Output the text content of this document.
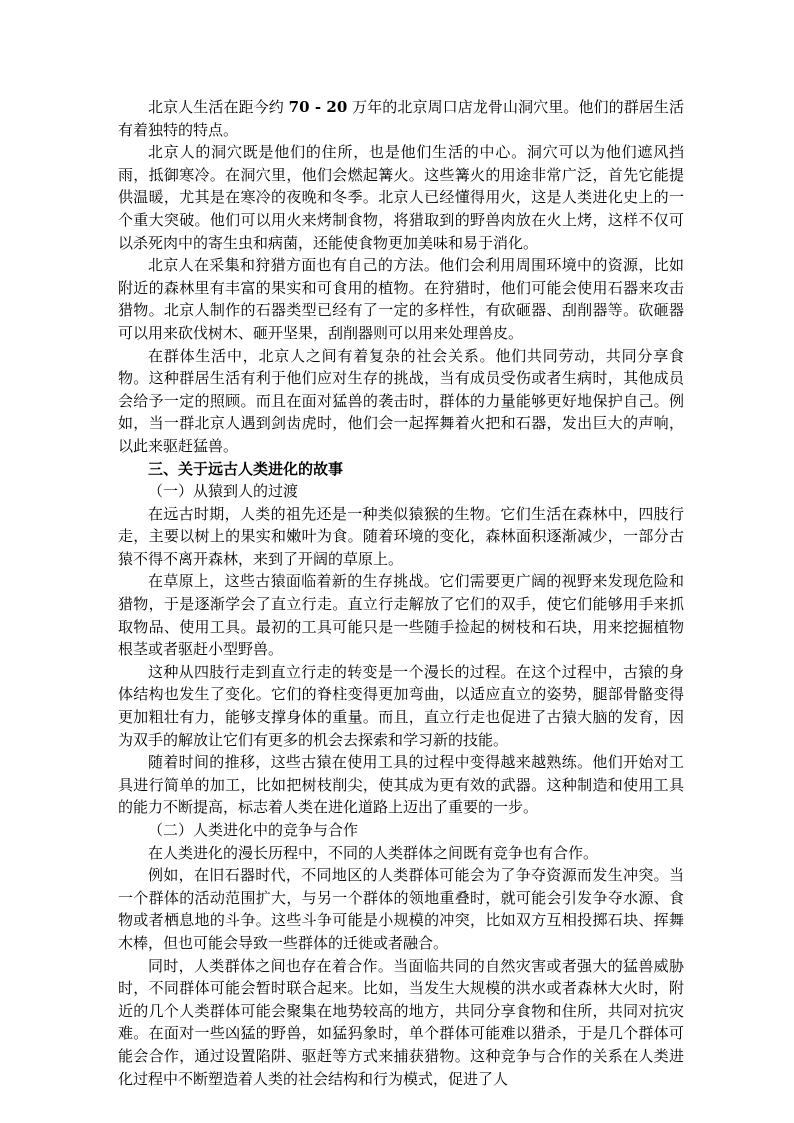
北京人生活在距今约 70 - 20 万年的北京周口店龙骨山洞穴里。他们的群居生活有着独特的特点。

北京人的洞穴既是他们的住所，也是他们生活的中心。洞穴可以为他们遮风挡雨，抵御寒冷。在洞穴里，他们会燃起篝火。这些篝火的用途非常广泛，首先它能提供温暖，尤其是在寒冷的夜晚和冬季。北京人已经懂得用火，这是人类进化史上的一个重大突破。他们可以用火来烤制食物，将猎取到的野兽肉放在火上烤，这样不仅可以杀死肉中的寄生虫和病菌，还能使食物更加美味和易于消化。

北京人在采集和狩猎方面也有自己的方法。他们会利用周围环境中的资源，比如附近的森林里有丰富的果实和可食用的植物。在狩猎时，他们可能会使用石器来攻击猎物。北京人制作的石器类型已经有了一定的多样性，有砍砸器、刮削器等。砍砸器可以用来砍伐树木、砸开坚果，刮削器则可以用来处理兽皮。

在群体生活中，北京人之间有着复杂的社会关系。他们共同劳动，共同分享食物。这种群居生活有利于他们应对生存的挑战，当有成员受伤或者生病时，其他成员会给予一定的照顾。而且在面对猛兽的袭击时，群体的力量能够更好地保护自己。例如，当一群北京人遇到剑齿虎时，他们会一起挥舞着火把和石器，发出巨大的声响，以此来驱赶猛兽。

三、关于远古人类进化的故事
（一）从猿到人的过渡

在远古时期，人类的祖先还是一种类似猿猴的生物。它们生活在森林中，四肢行走，主要以树上的果实和嫩叶为食。随着环境的变化，森林面积逐渐减少，一部分古猿不得不离开森林，来到了开阔的草原上。

在草原上，这些古猿面临着新的生存挑战。它们需要更广阔的视野来发现危险和猎物，于是逐渐学会了直立行走。直立行走解放了它们的双手，使它们能够用手来抓取物品、使用工具。最初的工具可能只是一些随手捡起的树枝和石块，用来挖掘植物根茎或者驱赶小型野兽。

这种从四肢行走到直立行走的转变是一个漫长的过程。在这个过程中，古猿的身体结构也发生了变化。它们的脊柱变得更加弯曲，以适应直立的姿势，腿部骨骼变得更加粗壮有力，能够支撑身体的重量。而且，直立行走也促进了古猿大脑的发育，因为双手的解放让它们有更多的机会去探索和学习新的技能。

随着时间的推移，这些古猿在使用工具的过程中变得越来越熟练。他们开始对工具进行简单的加工，比如把树枝削尖，使其成为更有效的武器。这种制造和使用工具的能力不断提高，标志着人类在进化道路上迈出了重要的一步。

（二）人类进化中的竞争与合作

在人类进化的漫长历程中，不同的人类群体之间既有竞争也有合作。

例如，在旧石器时代，不同地区的人类群体可能会为了争夺资源而发生冲突。当一个群体的活动范围扩大，与另一个群体的领地重叠时，就可能会引发争夺水源、食物或者栖息地的斗争。这些斗争可能是小规模的冲突，比如双方互相投掷石块、挥舞木棒，但也可能会导致一些群体的迁徙或者融合。

同时，人类群体之间也存在着合作。当面临共同的自然灾害或者强大的猛兽威胁时，不同群体可能会暂时联合起来。比如，当发生大规模的洪水或者森林大火时，附近的几个人类群体可能会聚集在地势较高的地方，共同分享食物和住所，共同对抗灾难。在面对一些凶猛的野兽，如猛犸象时，单个群体可能难以猎杀，于是几个群体可能会合作，通过设置陷阱、驱赶等方式来捕获猎物。这种竞争与合作的关系在人类进化过程中不断塑造着人类的社会结构和行为模式，促进了人
